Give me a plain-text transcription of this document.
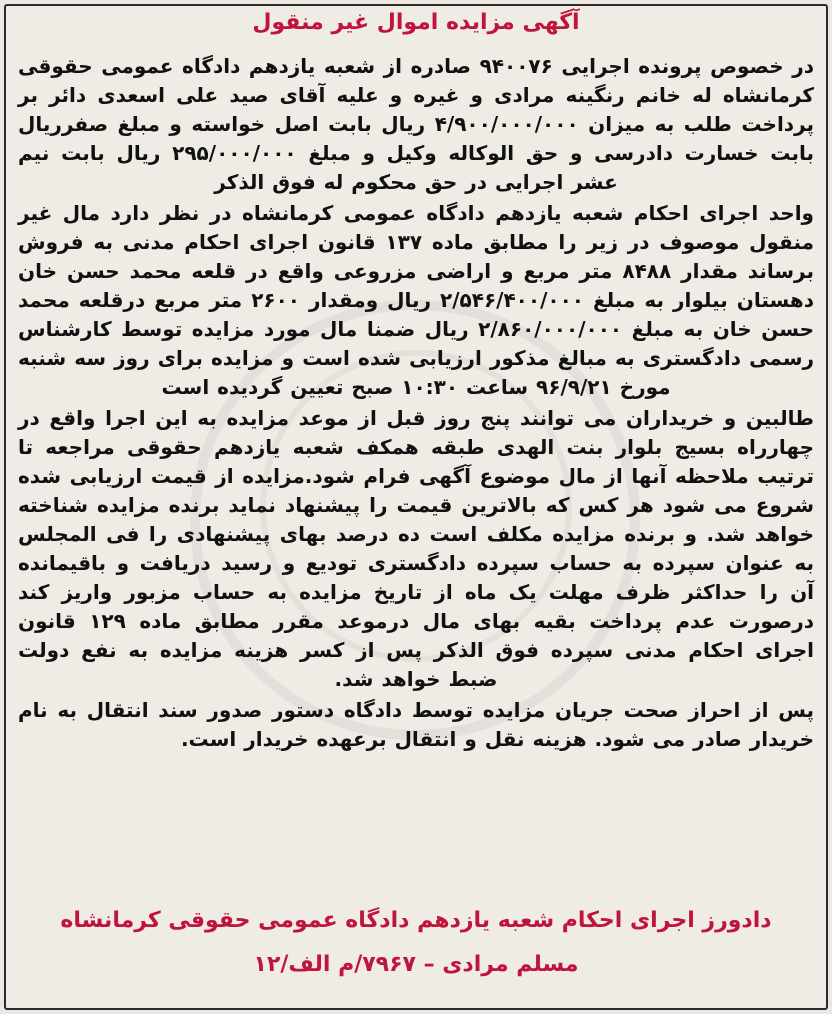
آگهی مزایده اموال غیر منقول

در خصوص پرونده اجرایی ۹۴۰۰۷۶ صادره از شعبه یازدهم دادگاه عمومی حقوقی کرمانشاه له خانم رنگینه مرادی و غیره و علیه آقای صید علی اسعدی دائر بر پرداخت طلب به میزان ۴/۹۰۰/۰۰۰/۰۰۰ ریال بابت اصل خواسته و مبلغ صفرریال بابت خسارت دادرسی و حق الوکاله وکیل و مبلغ ۲۹۵/۰۰۰/۰۰۰ ریال بابت نیم عشر اجرایی در حق محکوم له فوق الذکر

واحد اجرای احکام شعبه یازدهم دادگاه عمومی کرمانشاه در نظر دارد مال غیر منقول موصوف در زیر را مطابق ماده ۱۳۷ قانون اجرای احکام مدنی به فروش برساند مقدار ۸۴۸۸ متر مربع و اراضی مزروعی واقع در قلعه محمد حسن خان دهستان بیلوار به مبلغ ۲/۵۴۶/۴۰۰/۰۰۰ ریال ومقدار ۲۶۰۰ متر مربع درقلعه محمد حسن خان به مبلغ ۲/۸۶۰/۰۰۰/۰۰۰ ریال ضمنا مال مورد مزایده توسط کارشناس رسمی دادگستری به مبالغ مذکور ارزیابی شده است و مزایده برای روز سه شنبه مورخ ۹۶/۹/۲۱ ساعت ۱۰:۳۰ صبح تعیین گردیده است

طالبین و خریداران می توانند پنج روز قبل از موعد مزایده به این اجرا واقع در چهارراه بسیج بلوار بنت الهدی طبقه همکف شعبه یازدهم حقوقی مراجعه تا ترتیب ملاحظه آنها از مال موضوع آگهی فرام شود.مزایده از قیمت ارزیابی شده شروع می شود هر کس که بالاترین قیمت را پیشنهاد نماید برنده مزایده شناخته خواهد شد. و برنده مزایده مکلف است ده درصد بهای پیشنهادی را فی المجلس به عنوان سپرده به حساب سپرده دادگستری تودیع و رسید دریافت و باقیمانده آن را حداکثر ظرف مهلت یک ماه از تاریخ مزایده به حساب مزبور واریز کند درصورت عدم پرداخت بقیه بهای مال درموعد مقرر مطابق ماده ۱۲۹ قانون اجرای احکام مدنی سپرده فوق الذکر پس از کسر هزینه مزایده به نفع دولت ضبط خواهد شد.

پس از احراز صحت جریان مزایده توسط دادگاه دستور صدور سند انتقال به نام خریدار صادر می شود. هزینه نقل و انتقال برعهده خریدار است.

دادورز اجرای احکام شعبه یازدهم دادگاه عمومی حقوقی کرمانشاه
مسلم مرادی – ۷۹۶۷/م الف/۱۲
